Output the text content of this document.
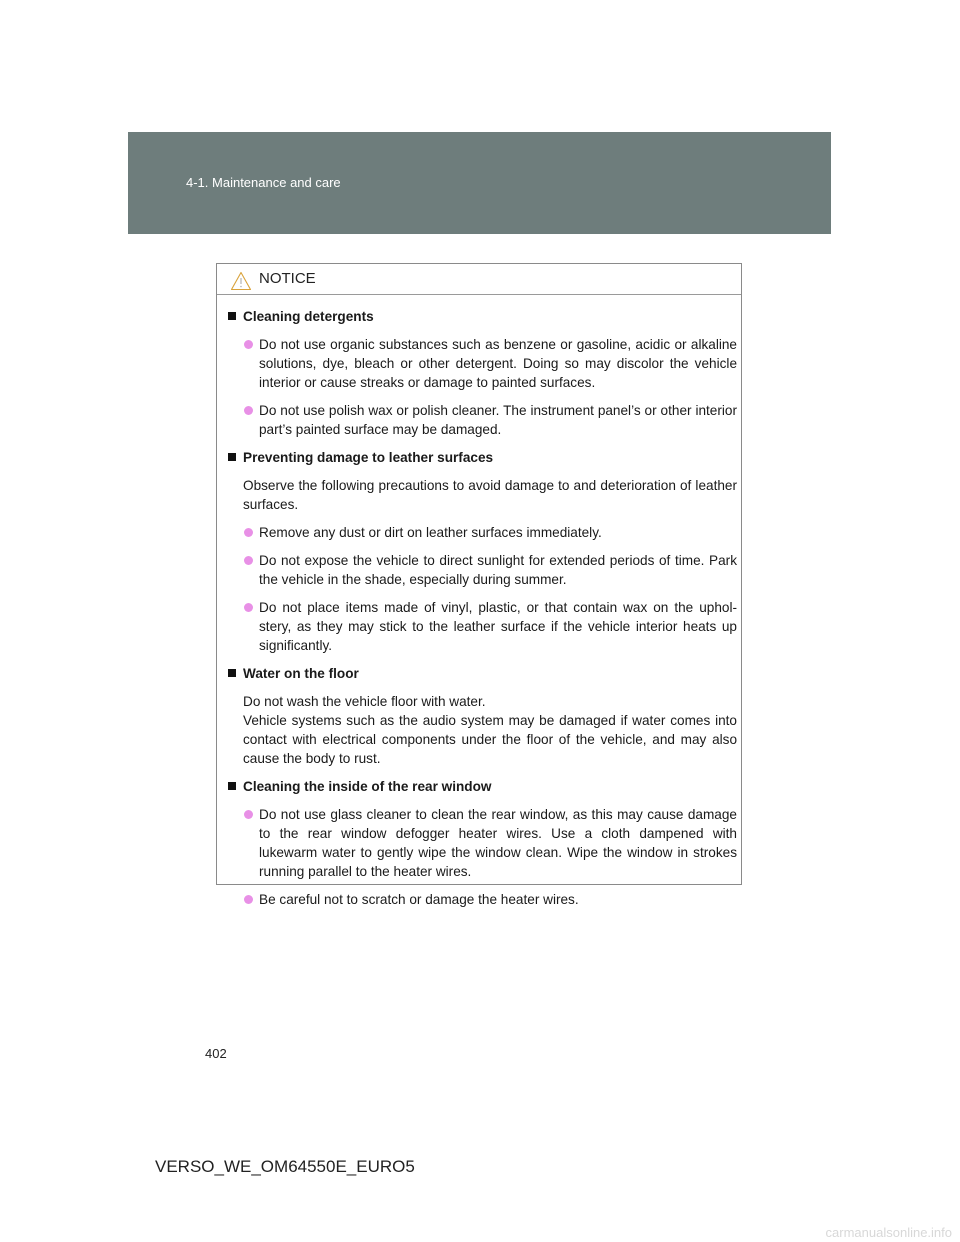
4-1. Maintenance and care
NOTICE
Cleaning detergents
Do not use organic substances such as benzene or gasoline, acidic or alkaline solutions, dye, bleach or other detergent. Doing so may discolor the vehicle interior or cause streaks or damage to painted surfaces.
Do not use polish wax or polish cleaner. The instrument panel’s or other interior part’s painted surface may be damaged.
Preventing damage to leather surfaces
Observe the following precautions to avoid damage to and deterioration of leather surfaces.
Remove any dust or dirt on leather surfaces immediately.
Do not expose the vehicle to direct sunlight for extended periods of time. Park the vehicle in the shade, especially during summer.
Do not place items made of vinyl, plastic, or that contain wax on the uphol-stery, as they may stick to the leather surface if the vehicle interior heats up significantly.
Water on the floor
Do not wash the vehicle floor with water.
Vehicle systems such as the audio system may be damaged if water comes into contact with electrical components under the floor of the vehicle, and may also cause the body to rust.
Cleaning the inside of the rear window
Do not use glass cleaner to clean the rear window, as this may cause damage to the rear window defogger heater wires. Use a cloth dampened with lukewarm water to gently wipe the window clean. Wipe the window in strokes running parallel to the heater wires.
Be careful not to scratch or damage the heater wires.
402
VERSO_WE_OM64550E_EURO5
carmanualsonline.info
